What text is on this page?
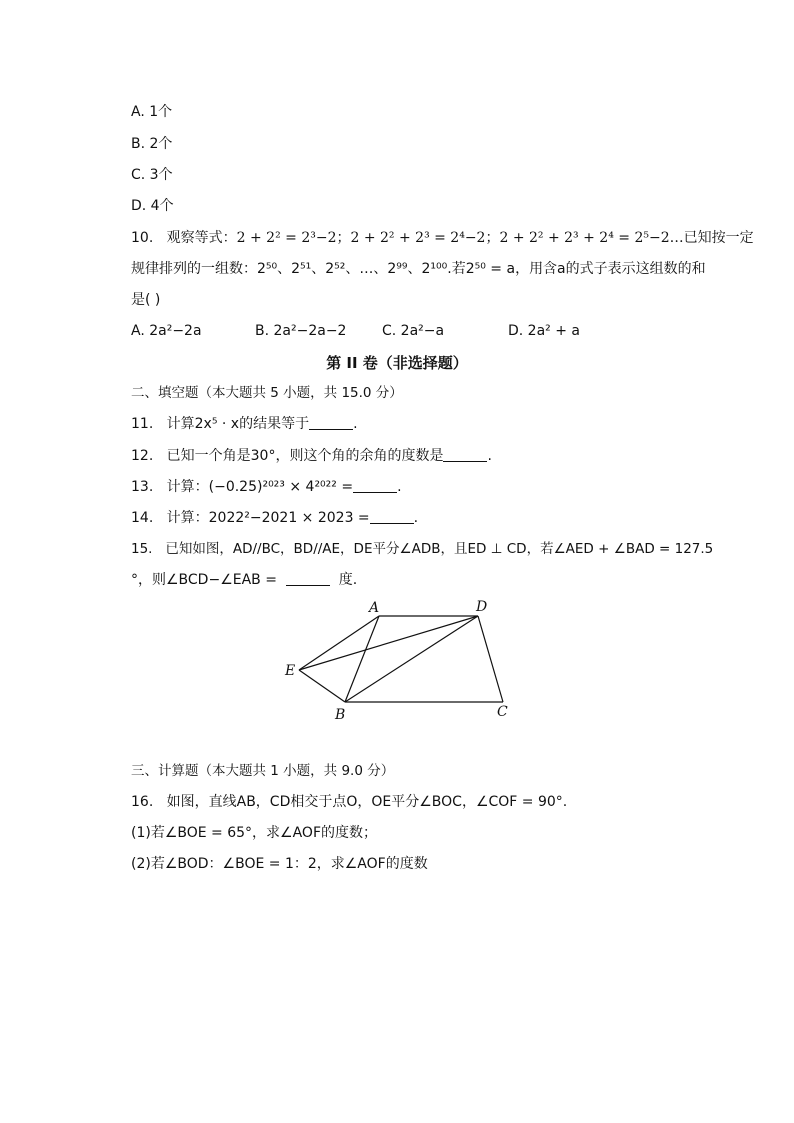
A. 1个
B. 2个
C. 3个
D. 4个
10. 观察等式：2 + 2² = 2³−2；2 + 2² + 2³ = 2⁴−2；2 + 2² + 2³ + 2⁴ = 2⁵−2…已知按一定
规律排列的一组数：2⁵⁰、2⁵¹、2⁵²、…、2⁹⁹、2¹⁰⁰.若2⁵⁰ = a，用含a的式子表示这组数的和
是( )
A. 2a²−2a	B. 2a²−2a−2	C. 2a²−a	D. 2a² + a
第 II 卷（非选择题）
二、填空题（本大题共 5 小题，共 15.0 分）
11. 计算2x⁵ · x的结果等于	.
12. 已知一个角是30°，则这个角的余角的度数是	.
13. 计算：(−0.25)²⁰²³ × 4²⁰²² =	.
14. 计算：2022²−2021 × 2023 =	.
15. 已知如图，AD//BC，BD//AE，DE平分∠ADB，且ED ⊥ CD，若∠AED + ∠BAD = 127.5
°，则∠BCD−∠EAB =	度.
A	D
E
B	C
三、计算题（本大题共 1 小题，共 9.0 分）
16. 如图，直线AB，CD相交于点O，OE平分∠BOC，∠COF = 90°.
(1)若∠BOE = 65°，求∠AOF的度数；
(2)若∠BOD：∠BOE = 1：2，求∠AOF的度数
